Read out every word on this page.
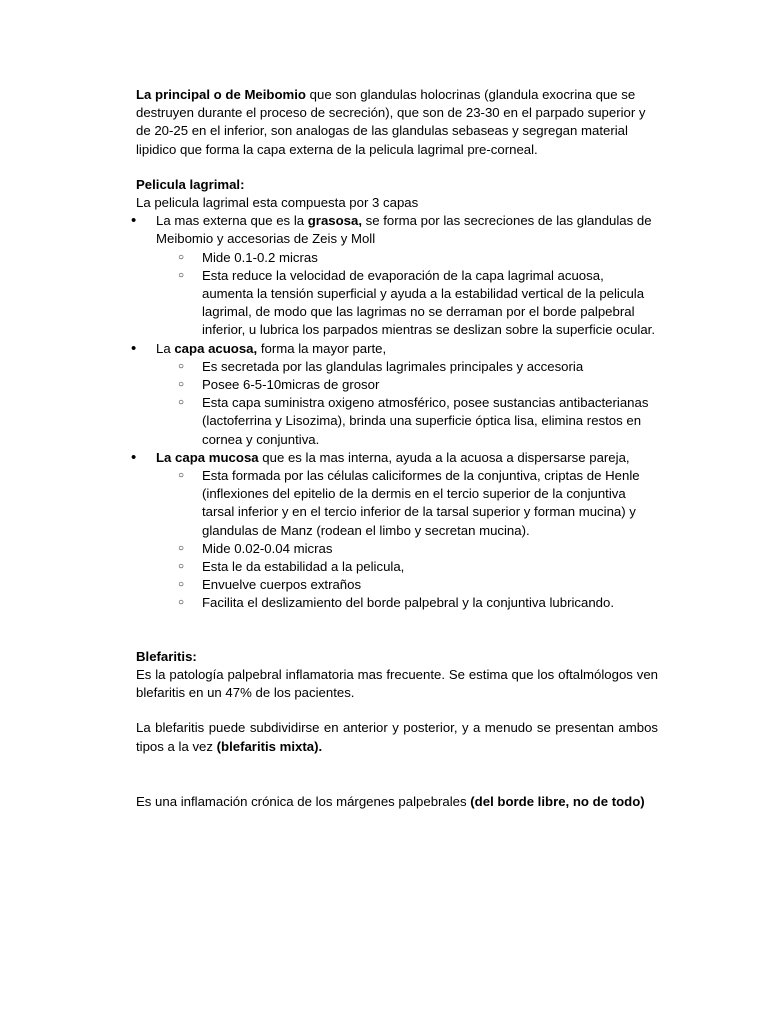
La principal o de Meibomio que son glandulas holocrinas (glandula exocrina que se destruyen durante el proceso de secreción), que son de 23-30 en el parpado superior y de 20-25 en el inferior, son analogas de las glandulas sebaseas y segregan material lipidico que forma la capa externa de la pelicula lagrimal pre-corneal.

Pelicula lagrimal:

La pelicula lagrimal esta compuesta por 3 capas

• La mas externa que es la grasosa, se forma por las secreciones de las glandulas de Meibomio y accesorias de Zeis y Moll
○ Mide 0.1-0.2 micras
○ Esta reduce la velocidad de evaporación de la capa lagrimal acuosa, aumenta la tensión superficial y ayuda a la estabilidad vertical de la pelicula lagrimal, de modo que las lagrimas no se derraman por el borde palpebral inferior, u lubrica los parpados mientras se deslizan sobre la superficie ocular.
• La capa acuosa, forma la mayor parte,
○ Es secretada por las glandulas lagrimales principales y accesoria
○ Posee 6-5-10micras de grosor
○ Esta capa suministra oxigeno atmosférico, posee sustancias antibacterianas (lactoferrina y Lisozima), brinda una superficie óptica lisa, elimina restos en cornea y conjuntiva.
• La capa mucosa que es la mas interna, ayuda a la acuosa a dispersarse pareja,
○ Esta formada por las células caliciformes de la conjuntiva, criptas de Henle (inflexiones del epitelio de la dermis en el tercio superior de la conjuntiva tarsal inferior y en el tercio inferior de la tarsal superior y forman mucina) y glandulas de Manz (rodean el limbo y secretan mucina).
○ Mide 0.02-0.04 micras
○ Esta le da estabilidad a la pelicula,
○ Envuelve cuerpos extraños
○ Facilita el deslizamiento del borde palpebral y la conjuntiva lubricando.

Blefaritis:

Es la patología palpebral inflamatoria mas frecuente. Se estima que los oftalmólogos ven blefaritis en un 47% de los pacientes.

La blefaritis puede subdividirse en anterior y posterior, y a menudo se presentan ambos tipos a la vez (blefaritis mixta).

Es una inflamación crónica de los márgenes palpebrales (del borde libre, no de todo)
